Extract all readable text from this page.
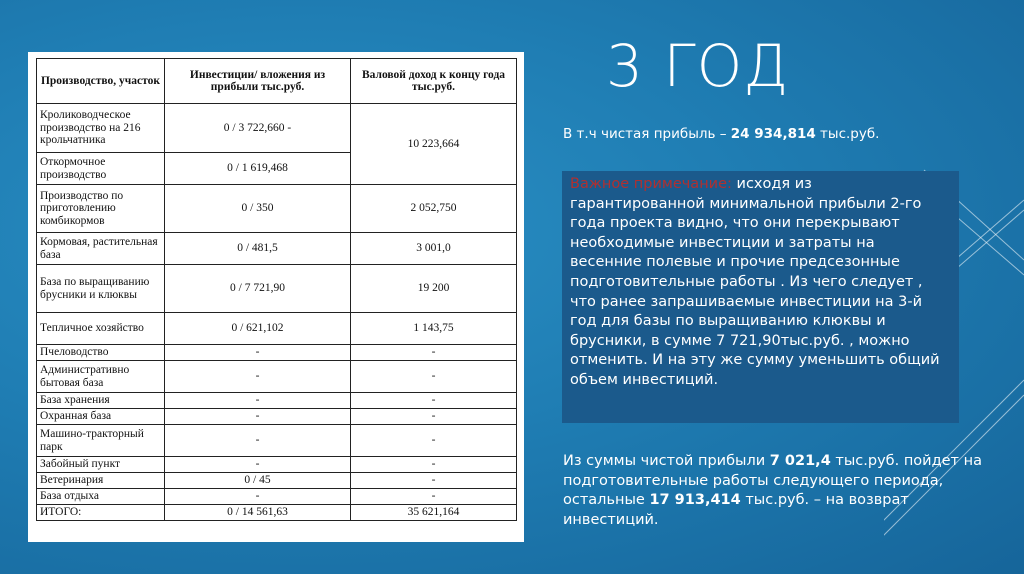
Производство, участок	Инвестиции/ вложения из прибыли тыс.руб.	Валовой доход к концу года тыс.руб.
Кролиководческое производство на 216 крольчатника	0 / 3 722,660 -	10 223,664
Откормочное производство	0 / 1 619,468	
Производство по приготовлению комбикормов	0 / 350	2 052,750
Кормовая, растительная база	0 / 481,5	3 001,0
База по выращиванию брусники и клюквы	0 / 7 721,90	19 200
Тепличное хозяйство	0 / 621,102	1 143,75
Пчеловодство	-	-
Административно бытовая база	-	-
База хранения	-	-
Охранная база	-	-
Машино-тракторный парк	-	-
Забойный пункт	-	-
Ветеринария	0 / 45	-
База отдыха	-	-
ИТОГО:	0 / 14 561,63	35 621,164
3 ГОД
В т.ч чистая прибыль – 24 934,814 тыс.руб.
Важное примечание: исходя из гарантированной минимальной прибыли 2-го года проекта видно, что они перекрывают необходимые инвестиции и затраты на весенние полевые и прочие предсезонные подготовительные работы . Из чего следует , что ранее запрашиваемые инвестиции на 3-й год для базы по выращиванию клюквы и брусники, в сумме 7 721,90тыс.руб. , можно отменить. И на эту же сумму уменьшить общий объем инвестиций.
Из суммы чистой прибыли 7 021,4 тыс.руб. пойдет на подготовительные работы следующего периода, остальные 17 913,414 тыс.руб. – на возврат инвестиций.
